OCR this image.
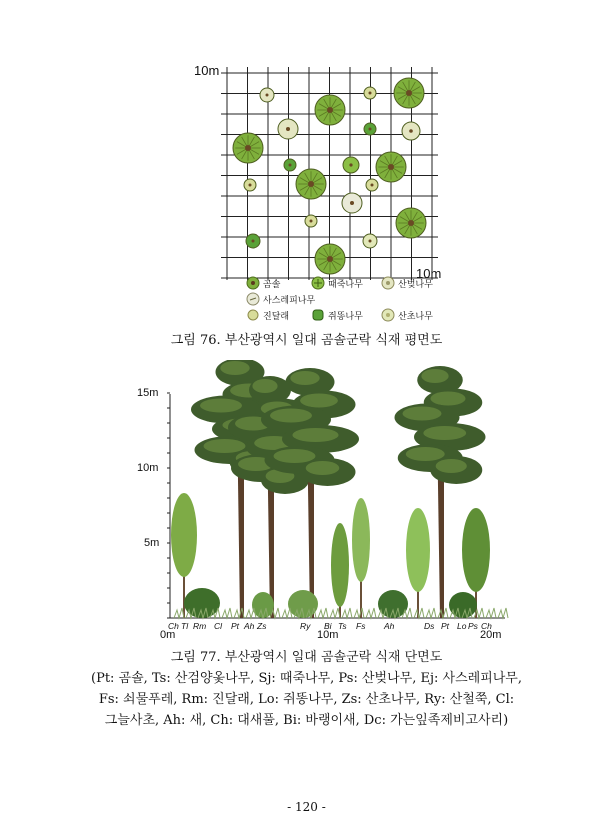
10m
10m
곰솔	때죽나무	산벚나무
사스레피나무
진달래	쥐똥나무	산초나무
그림 76. 부산광역시 일대 곰솔군락 식재 평면도
15m
10m
5m
Ch Tl Rm Cl Pt Ah Zs	Ry Bi Ts Fs Ah	Ds Pt Lo Ps Ch
0m	10m	20m
그림 77. 부산광역시 일대 곰솔군락 식재 단면도
(Pt: 곰솔, Ts: 산검양옻나무, Sj: 때죽나무, Ps: 산벚나무, Ej: 사스레피나무,
Fs: 쇠물푸레, Rm: 진달래, Lo: 쥐똥나무, Zs: 산초나무, Ry: 산철쭉, Cl:
그늘사초, Ah: 새, Ch: 대새풀, Bi: 바랭이새, Dc: 가는잎족제비고사리)
- 120 -
